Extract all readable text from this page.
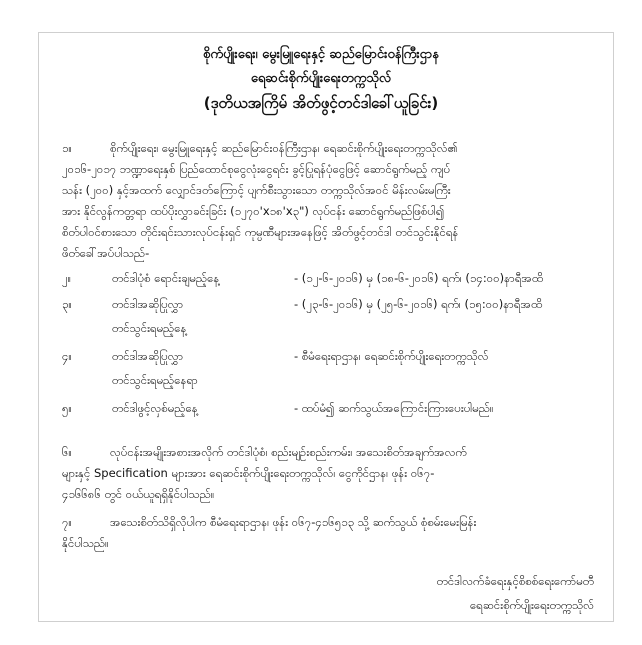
စိုက်ပျိုးရေး၊ မွေးမြူရေးနှင့် ဆည်မြောင်းဝန်ကြီးဌာန
ရေဆင်းစိုက်ပျိုးရေးတက္ကသိုလ်
(ဒုတိယအကြိမ် အိတ်ဖွင့်တင်ဒါခေါ်ယူခြင်း)
၁။	စိုက်ပျိုးရေး၊ မွေးမြူရေးနှင့် ဆည်မြောင်းဝန်ကြီးဌာန၊ ရေဆင်းစိုက်ပျိုးရေးတက္ကသိုလ်၏
၂၀၁၆-၂၀၁၇ ဘဏ္ဍာရေးနှစ် ပြည်ထောင်စုငွေလုံးငွေရင်း ခွင့်ပြုရန်ပုံငွေဖြင့် ဆောင်ရွက်မည့် ကျပ်
သန်း (၂၀၀) နှင့်အထက် လျှောင်ဒတ်ကြောင့် ပျက်စီးသွားသော တက္ကသိုလ်အဝင် မိန်းလမ်းမကြီး
အား နိုင်လွန်ကတ္တရာ ထပ်ပိုးလွှာခင်းခြင်း (၁၂၇၀'x၁၈'x၃") လုပ်ငန်း ဆောင်ရွက်မည်ဖြစ်ပါ၍
စိတ်ပါဝင်စားသော တိုင်းရင်းသားလုပ်ငန်းရှင် ကုမ္ပဏီများအနေဖြင့် အိတ်ဖွင့်တင်ဒါ တင်သွင်းနိုင်ရန်
ဖိတ်ခေါ်အပ်ပါသည်-
၂။	တင်ဒါပုံစံ ရောင်းချမည့်နေ့	- (၁၂-၆-၂၀၁၆) မှ (၁၈-၆-၂၀၁၆) ရက်၊ (၁၄:၀၀)နာရီအထိ
၃။	တင်ဒါအဆိုပြုလွှာ	- (၂၃-၆-၂၀၁၆) မှ (၂၅-၆-၂၀၁၆) ရက်၊ (၁၅:၀၀)နာရီအထိ
တင်သွင်းရမည့်နေ့
၄။	တင်ဒါအဆိုပြုလွှာ	- စီမံရေးရာဌာန၊ ရေဆင်းစိုက်ပျိုးရေးတက္ကသိုလ်
တင်သွင်းရမည့်နေရာ
၅။	တင်ဒါဖွင့်လှစ်မည့်နေ့	- ထပ်မံ၍ ဆက်သွယ်အကြောင်းကြားပေးပါမည်။
၆။	လုပ်ငန်းအမျိုးအစားအလိုက် တင်ဒါပုံစံ၊ စည်းမျဉ်းစည်းကမ်း၊ အသေးစိတ်အချက်အလက်
များနှင့် Specification များအား ရေဆင်းစိုက်ပျိုးရေးတက္ကသိုလ်၊ ငွေကိုင်ဌာန၊ ဖုန်း ၀၆၇-
၄၁၆၆၈၆ တွင် ဝယ်ယူရရှိနိုင်ပါသည်။
၇။	အသေးစိတ်သိရှိလိုပါက စီမံရေးရာဌာန၊ ဖုန်း ၀၆၇-၄၁၆၅၁၃ သို့ ဆက်သွယ် စုံစမ်းမေးမြန်း
နိုင်ပါသည်။
တင်ဒါလက်ခံရေးနှင့်စိစစ်ရေးကော်မတီ
ရေဆင်းစိုက်ပျိုးရေးတက္ကသိုလ်
